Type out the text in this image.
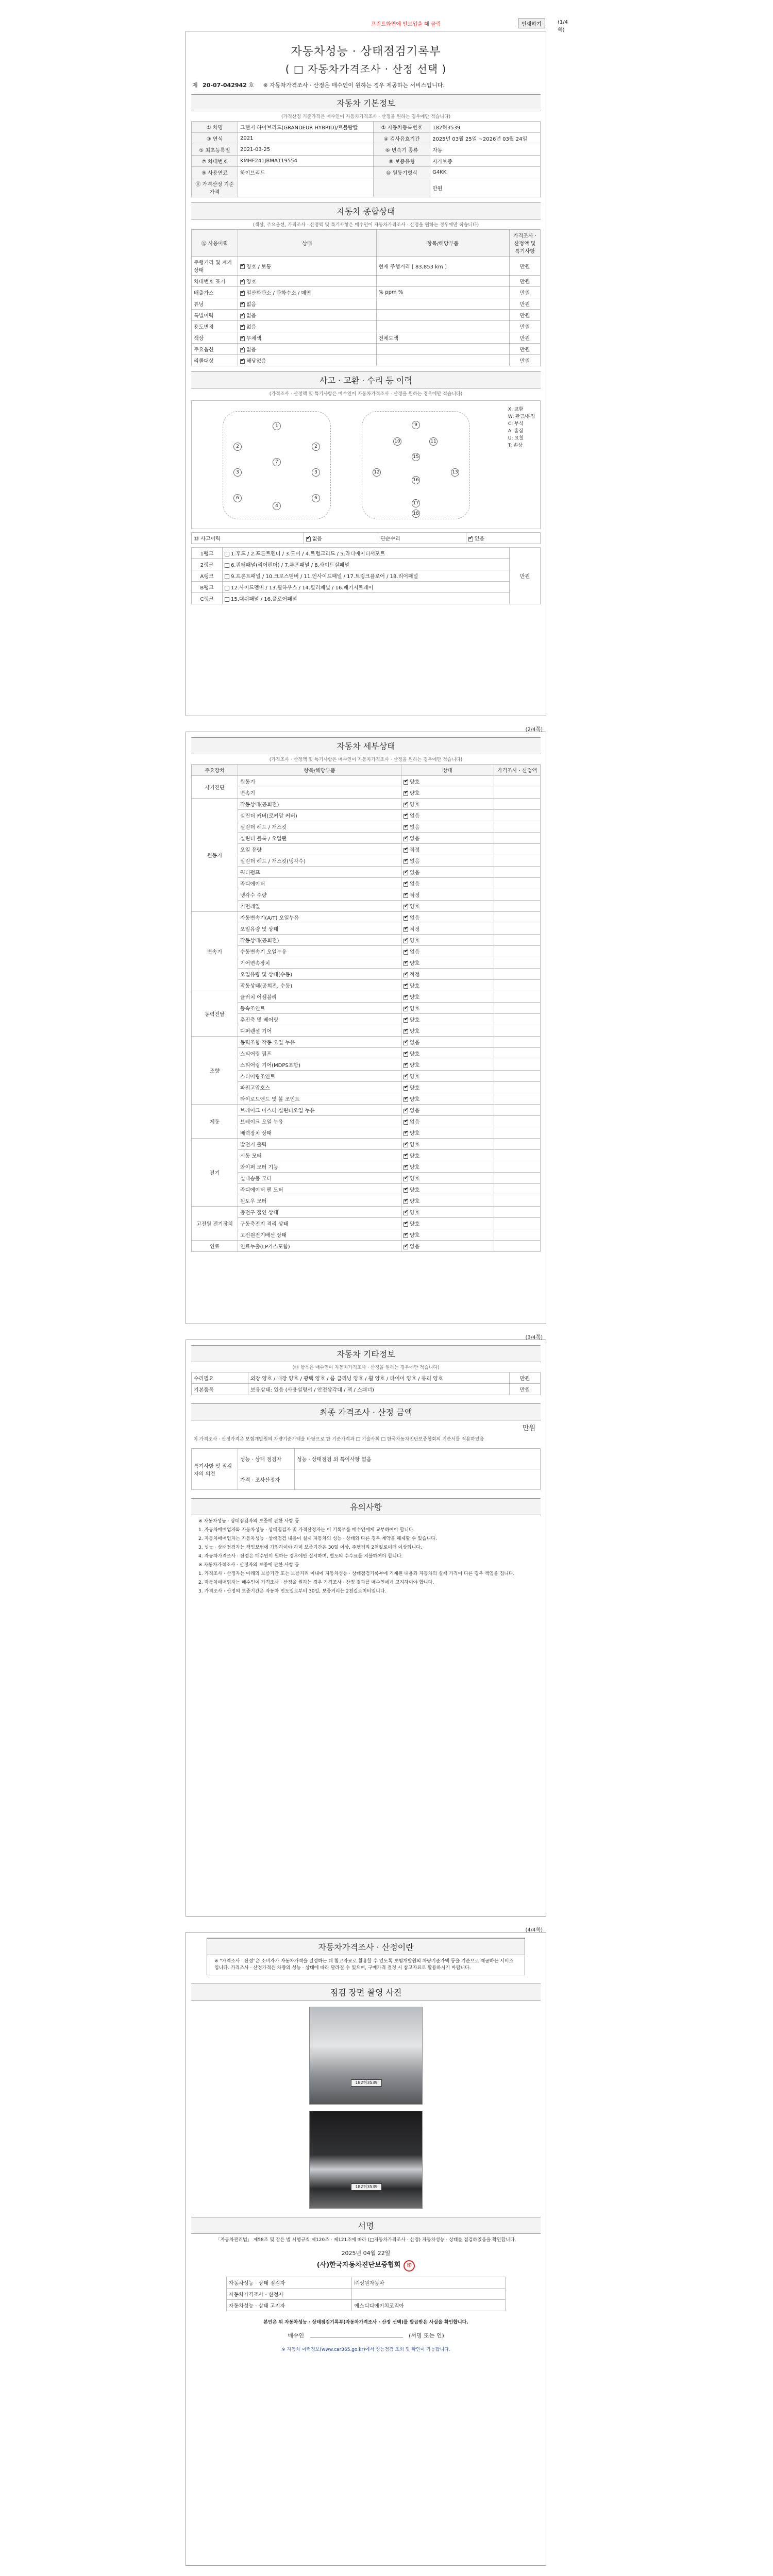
프린트화면에 안보입을 때 클릭	인쇄하기	(1/4쪽)
자동차성능 · 상태점검기록부
( □ 자동차가격조사 · 산정 선택 )
제 20-07-042942 호 ※ 자동차가격조사 · 산정은 매수인이 원하는 경우 제공하는 서비스입니다.
자동차 기본정보
(가격산정 기준가격은 매수인이 자동차가격조사 · 산정을 원하는 경우에만 적습니다)
① 차명	그랜저 하이브리드(GRANDEUR HYBRID)/르블랑랄	② 자동차등록번호	182허3539
③ 연식	2021	④ 검사유효기간	2025년 03월 25일 ~2026년 03월 24일
⑤ 최초등록일	2021-03-25	⑥ 변속기 종류	자동
⑦ 차대번호	KMHF241JBMA119554	⑧ 보증유형	자가보증
⑨ 사용연료	하이브리드	⑩ 원동기형식	G4KK
⑪ 가격산정 기준가격			만원
자동차 종합상태
(색상, 주요옵션, 가격조사 · 산정액 및 특기사항은 매수인이 자동차가격조사 · 산정을 원하는 경우에만 적습니다)
⑫ 사용이력	상태	항목/해당부품	가격조사 · 산정액 및 특기사항
주행거리 및 계기상태	✔양호 / 보통	현재 주행거리 [ 83,853 km ]	만원
차대번호 표기	✔양호		만원
배출가스	✔일산화탄소 / 탄화수소 / 매연	% ppm %	만원
튜닝	✔없음		만원
특별이력	✔없음		만원
용도변경	✔없음		만원
색상	✔무채색	전체도색	만원
주요옵션	✔없음		만원
리콜대상	✔해당없음		만원
사고 · 교환 · 수리 등 이력
(가격조사 · 산정액 및 특기사항은 매수인이 자동차가격조사 · 산정을 원하는 경우에만 적습니다)
1
2	2
3	3
7
4
6	6
9
10	11
15
16
17
12	13
18
X: 교환
W: 판금/용접
C: 부식
A: 흠집
U: 요철
T: 손상
⑬ 사고이력	✔없음	단순수리	✔없음
1랭크	1.후드 / 2.프론트펜더 / 3.도어 / 4.트렁크리드 / 5.라디에이터서포트	만원
2랭크	6.쿼터패널(리어펜더) / 7.루프패널 / 8.사이드실패널	
A랭크	9.프론트패널 / 10.크로스멤버 / 11.인사이드패널 / 17.트렁크플로어 / 18.리어패널	
B랭크	12.사이드멤버 / 13.휠하우스 / 14.필러패널 / 16.패키지트레이	
C랭크	15.대쉬패널 / 16.플로어패널	
(2/4쪽)
자동차 세부상태
(가격조사 · 산정액 및 특기사항은 매수인이 자동차가격조사 · 산정을 원하는 경우에만 적습니다)
주요장치	항목/해당부품	상태	가격조사 · 산정액
자기진단	원동기	✔양호	
	변속기	✔양호	
원동기	작동상태(공회전)	✔양호	
	실린더 커버(로커암 커버)	✔없음	
	실린더 헤드 / 개스킷	✔없음	
	실린더 블록 / 오일팬	✔없음	
	오일 유량	✔적정	
	실린더 헤드 / 개스킷(냉각수)	✔없음	
	워터펌프	✔없음	
	라디에이터	✔없음	
	냉각수 수량	✔적정	
	커먼레일	✔양호	
변속기	자동변속기(A/T) 오일누유	✔없음	
	오일유량 및 상태	✔적정	
	작동상태(공회전)	✔양호	
	수동변속기 오일누유	✔없음	
	기어변속장치	✔양호	
	오일유량 및 상태(수동)	✔적정	
	작동상태(공회전, 수동)	✔양호	
동력전달	클러치 어셈블리	✔양호	
	등속조인트	✔양호	
	추진축 및 베어링	✔양호	
	디퍼렌셜 기어	✔양호	
조향	동력조향 작동 오일 누유	✔없음	
	스티어링 펌프	✔양호	
	스티어링 기어(MDPS포함)	✔양호	
	스티어링조인트	✔양호	
	파워고압호스	✔양호	
	타이로드엔드 및 볼 조인트	✔양호	
제동	브레이크 마스터 실린더오일 누유	✔없음	
	브레이크 오일 누유	✔없음	
	배력장치 상태	✔양호	
전기	발전기 출력	✔양호	
	시동 모터	✔양호	
	와이퍼 모터 기능	✔양호	
	실내송풍 모터	✔양호	
	라디에이터 팬 모터	✔양호	
	윈도우 모터	✔양호	
고전원 전기장치	충전구 절연 상태	✔양호	
	구동축전지 격리 상태	✔양호	
	고전원전기배선 상태	✔양호	
연료	연료누출(LP가스포함)	✔없음	
(3/4쪽)
자동차 기타정보
(⑬ 항목은 매수인이 자동차가격조사 · 산정을 원하는 경우에만 적습니다)
수리필요	외장 양호 / 내장 양호 / 광택 양호 / 룸 클리닝 양호 / 휠 양호 / 타이어 양호 / 유리 양호	만원
기본품목	보유상태: 있음 (사용설명서 / 안전삼각대 / 잭 / 스패너)	만원
최종 가격조사 · 산정 금액
만원
이 가격조사 · 산정가격은 보험개발원의 차량기준가액을 바탕으로 한 기준가격과 □ 기술사회 □ 한국자동차진단보증협회의 기준서를 적용하였음
특기사항 및 점검자의 의견	성능 · 상태 점검자	성능 · 상태점검 외 특이사항 없음
	가격 · 조사산정자	
유의사항

※ 자동차성능 · 상태점검자의 보증에 관한 사항 등

1. 자동차매매업자와 자동차성능 · 상태점검자 및 가격산정자는 이 기록부를 매수인에게 교부하여야 합니다.

2. 자동차매매업자는 자동차성능 · 상태점검 내용이 실제 자동차의 성능 · 상태와 다른 경우 계약을 해제할 수 있습니다.

3. 성능 · 상태점검자는 책임보험에 가입하여야 하며 보증기간은 30일 이상, 주행거리 2천킬로미터 이상입니다.

4. 자동차가격조사 · 산정은 매수인이 원하는 경우에만 실시하며, 별도의 수수료를 지불하여야 합니다.

※ 자동차가격조사 · 산정자의 보증에 관한 사항 등

1. 가격조사 · 산정자는 아래의 보증기간 또는 보증거리 이내에 자동차성능 · 상태점검기록부에 기재된 내용과 자동차의 실제 가격이 다른 경우 책임을 집니다.

2. 자동차매매업자는 매수인이 가격조사 · 산정을 원하는 경우 가격조사 · 산정 결과를 매수인에게 고지하여야 합니다.

3. 가격조사 · 산정의 보증기간은 자동차 인도일로부터 30일, 보증거리는 2천킬로미터입니다.

(4/4쪽)
자동차가격조사 · 산정이란
※ "가격조사 · 산정"은 소비자가 자동차가격을 결정하는 데 참고자료로 활용할 수 있도록 보험개발원의 차량기준가액 등을 기준으로 제공하는 서비스입니다. 가격조사 · 산정가격은 차량의 성능 · 상태에 따라 달라질 수 있으며, 구매가격 결정 시 참고자료로 활용하시기 바랍니다.
점검 장면 촬영 사진
182허3539
182허3539
서명
「자동차관리법」 제58조 및 같은 법 시행규칙 제120조 · 제121조에 따라 (□자동차가격조사 · 산정) 자동차성능 · 상태를 점검하였음을 확인합니다.
2025년 04월 22일
(사)한국자동차진단보증협회 印
자동차성능 · 상태 점검자	㈜성원자동차
자동차가격조사 · 산정자	
자동차성능 · 상태 고지자	에스디디에이치코리아
본인은 위 자동차성능 · 상태점검기록부(자동차가격조사 · 산정 선택)를 발급받은 사실을 확인합니다.
매수인	(서명 또는 인)
※ 자동차 이력정보(www.car365.go.kr)에서 성능점검 조회 및 확인이 가능합니다.
